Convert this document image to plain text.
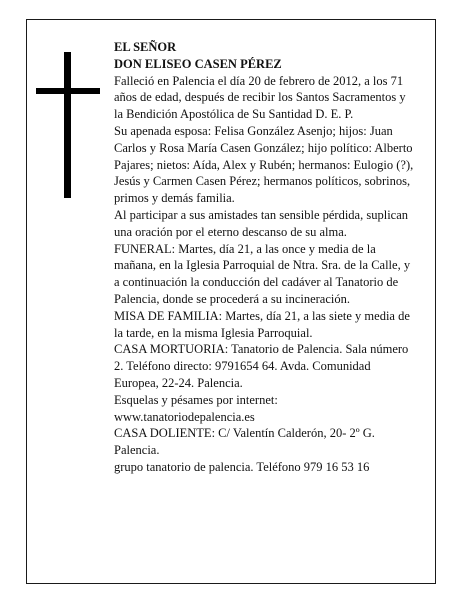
EL SEÑOR

DON ELISEO CASEN PÉREZ

Falleció en Palencia el día 20 de febrero de 2012, a los 71 años de edad, después de recibir los Santos Sacramentos y la Bendición Apostólica de Su Santidad D. E. P.

Su apenada esposa: Felisa González Asenjo; hijos: Juan Carlos y Rosa María Casen González; hijo político: Alberto Pajares; nietos: Aída, Alex y Rubén; hermanos: Eulogio (?), Jesús y Carmen Casen Pérez; hermanos políticos, sobrinos, primos y demás familia.

Al participar a sus amistades tan sensible pérdida, suplican una oración por el eterno descanso de su alma.

FUNERAL: Martes, día 21, a las once y media de la mañana, en la Iglesia Parroquial de Ntra. Sra. de la Calle, y a continuación la conducción del cadáver al Tanatorio de Palencia, donde se procederá a su incineración.

MISA DE FAMILIA: Martes, día 21, a las siete y media de la tarde, en la misma Iglesia Parroquial.

CASA MORTUORIA: Tanatorio de Palencia. Sala número 2. Teléfono directo: 9791654 64. Avda. Comunidad Europea, 22-24. Palencia.

Esquelas y pésames por internet: www.tanatoriodepalencia.es

CASA DOLIENTE: C/ Valentín Calderón, 20- 2º G. Palencia.

grupo tanatorio de palencia. Teléfono 979 16 53 16
